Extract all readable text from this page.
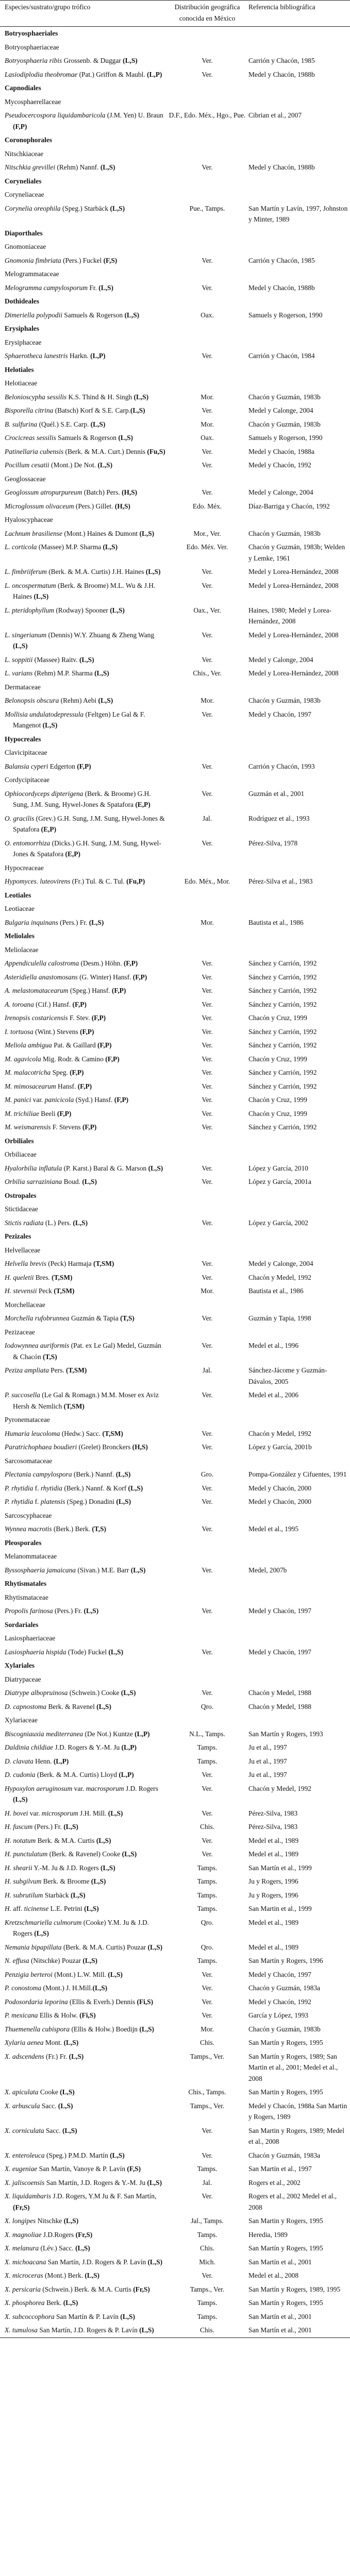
Especies/sustrato/grupo trófico	Distribución geográfica conocida en México	Referencia bibliográfica
Botryosphaeriales		
Botryosphaeriaceae		

Botryosphaeria ribis Grossenb. & Duggar (L,S)	Ver.	Carrión y Chacón, 1985

Lasiodiplodia theobromae (Pat.) Griffon & Maubl. (L,P)	Ver.	Medel y Chacón, 1988b
Capnodiales		
Mycosphaerellaceae		

Pseudocercospora liquidambaricola (J.M. Yen) U. Braun (F,P)	D.F., Edo. Méx., Hgo., Pue.	Cibrian et al., 2007
Coronophorales		
Nitschkiaceae		

Nitschkia grevillei (Rehm) Nannf. (L,S)	Ver.	Medel y Chacón, 1988b
Coryneliales		
Coryneliaceae		

Corynelia oreophila (Speg.) Starbäck (L,S)	Pue., Tamps.	San Martín y Lavín, 1997, Johnston y Minter, 1989
Diaporthales		
Gnomoniaceae		

Gnomonia fimbriata (Pers.) Fuckel (F,S)	Ver.	Carrión y Chacón, 1985
Melogrammataceae		

Melogramma campylosporum Fr. (L,S)	Ver.	Medel y Chacón, 1988b
Dothideales		

Dimeriella polypodii Samuels & Rogerson (L,S)	Oax.	Samuels y Rogerson, 1990
Erysiphales		
Erysiphaceae		

Sphaerotheca lanestris Harkn. (L,P)	Ver.	Carrión y Chacón, 1984
Helotiales		
Helotiaceae		

Belonioscypha sessilis K.S. Thind & H. Singh (L,S)	Mor.	Chacón y Guzmán, 1983b

Bisporella citrina (Batsch) Korf & S.E. Carp.(L,S)	Ver.	Medel y Calonge, 2004

B. sulfurina (Quél.) S.E. Carp. (L,S)	Mor.	Chacón y Guzmán, 1983b

Crocicreas sessilis Samuels & Rogerson (L,S)	Oax.	Samuels y Rogerson, 1990

Patinellaria cubensis (Berk. & M.A. Curt.) Dennis (Fu,S)	Ver.	Medel y Chacón, 1988a

Pocillum cesatii (Mont.) De Not. (L,S)	Ver.	Medel y Chacón, 1992
Geoglossaceae		

Geoglossum atropurpureum (Batch) Pers. (H,S)	Ver.	Medel y Calonge, 2004

Microglossum olivaceum (Pers.) Gillet. (H,S)	Edo. Méx.	Díaz-Barriga y Chacón, 1992
Hyaloscyphaceae		

Lachnum brasiliense (Mont.) Haines & Dumont (L,S)	Mor., Ver.	Chacón y Guzmán, 1983b

L. corticola (Massee) M.P. Sharma (L,S)	Edo. Méx. Ver.	Chacón y Guzmán, 1983b; Welden y Lemke, 1961

L. fimbriiferum (Berk. & M.A. Curtis) J.H. Haines (L,S)	Ver.	Medel y Lorea-Hernández, 2008

L. oncospermatum (Berk. & Broome) M.L. Wu & J.H. Haines (L,S)	Ver.	Medel y Lorea-Hernández, 2008

L. pteridophyllum (Rodway) Spooner (L,S)	Oax., Ver.	Haines, 1980; Medel y Lorea-Hernández, 2008

L. singerianum (Dennis) W.Y. Zhuang & Zheng Wang (L,S)	Ver.	Medel y Lorea-Hernández, 2008

L. soppitii (Massee) Raitv. (L,S)	Ver.	Medel y Calonge, 2004

L. varians (Rehm) M.P. Sharma (L,S)	Chis., Ver.	Medel y Lorea-Hernández, 2008
Dermataceae		

Belonopsis obscura (Rehm) Aebi (L,S)	Mor.	Chacón y Guzmán, 1983b

Mollisia undulatodepressula (Feltgen) Le Gal & F. Mangenot (L,S)	Ver.	Medel y Chacón, 1997
Hypocreales		
Clavicipitaceae		

Balansia cyperi Edgerton (F,P)	Ver.	Carrión y Chacón, 1993
Cordycipitaceae		

Ophiocordyceps dipterigena (Berk. & Broome) G.H. Sung, J.M. Sung, Hywel-Jones & Spatafora (E,P)	Ver.	Guzmán et al., 2001

O. gracilis (Grev.) G.H. Sung, J.M. Sung, Hywel-Jones & Spatafora (E,P)	Jal.	Rodríguez et al., 1993

O. entomorrhiza (Dicks.) G.H. Sung, J.M. Sung, Hywel-Jones & Spatafora (E,P)	Ver.	Pérez-Silva, 1978
Hypocreaceae		

Hypomyces. luteovirens (Fr.) Tul. & C. Tul. (Fu,P)	Edo. Méx., Mor.	Pérez-Silva et al., 1983
Leotiales		
Leotiaceae		

Bulgaria inquinans (Pers.) Fr. (L,S)	Mor.	Bautista et al., 1986
Meliolales		
Meliolaceae		

Appendiculella calostroma (Desm.) Höhn. (F,P)	Ver.	Sánchez y Carrión, 1992

Asteridiella anastomosans (G. Winter) Hansf. (F,P)	Ver.	Sánchez y Carrión, 1992

A. melastomatacearum (Speg.) Hansf. (F,P)	Ver.	Sánchez y Carrión, 1992

A. toroana (Cif.) Hansf. (F,P)	Ver.	Sánchez y Carrión, 1992

Irenopsis costaricensis F. Stev. (F,P)	Ver.	Chacón y Cruz, 1999

I. tortuosa (Wint.) Stevens (F,P)	Ver.	Sánchez y Carrión, 1992

Meliola ambigua Pat. & Gaillard (F,P)	Ver.	Sánchez y Carrión, 1992

M. agavicola Mig. Rodr. & Camino (F,P)	Ver.	Chacón y Cruz, 1999

M. malacotricha Speg. (F,P)	Ver.	Sánchez y Carrión, 1992

M. mimosacearum Hansf. (F,P)	Ver.	Sánchez y Carrión, 1992

M. panici var. panicicola (Syd.) Hansf. (F,P)	Ver.	Chacón y Cruz, 1999

M. trichiliae Beeli (F,P)	Ver.	Chacón y Cruz, 1999

M. weismarensis F. Stevens (F,P)	Ver.	Sánchez y Carrión, 1992
Orbiliales		
Orbiliaceae		

Hyalorbilia inflatula (P. Karst.) Baral & G. Marson (L,S)	Ver.	López y García, 2010

Orbilia sarraziniana Boud. (L,S)	Ver.	López y García, 2001a
Ostropales		
Stictidaceae		

Stictis radiata (L.) Pers. (L,S)	Ver.	López y García, 2002
Pezizales		
Helvellaceae		

Helvella brevis (Peck) Harmaja (T,SM)	Ver.	Medel y Calonge, 2004

H. queletii Bres. (T,SM)	Ver.	Chacón y Medel, 1992

H. stevensii Peck (T,SM)	Mor.	Bautista et al., 1986
Morchellaceae		

Morchella rufobrunnea Guzmán & Tapia (T,S)	Ver.	Guzmán y Tapia, 1998
Pezizaceae		

Iodowynnea auriformis (Pat. ex Le Gal) Medel, Guzmán & Chacón (T,S)	Ver.	Medel et al., 1996

Peziza ampliata Pers. (T,SM)	Jal.	Sánchez-Jácome y Guzmán-Dávalos, 2005

P. succosella (Le Gal & Romagn.) M.M. Moser ex Aviz Hersh & Nemlich (T,SM)	Ver.	Medel et al., 2006
Pyronemataceae		

Humaria leucoloma (Hedw.) Sacc. (T,SM)	Ver.	Chacón y Medel, 1992

Paratrichophaea boudieri (Grelet) Bronckers (H,S)	Ver.	López y García, 2001b
Sarcosomataceae		

Plectania campylospora (Berk.) Nannf. (L,S)	Gro.	Pompa-González y Cifuentes, 1991

P. rhytidia f. rhytidia (Berk.) Nannf. & Korf (L,S)	Ver.	Medel y Chacón, 2000

P. rhytidia f. platensis (Speg.) Donadini (L,S)	Ver.	Medel y Chacón, 2000
Sarcoscyphaceae		

Wynnea macrotis (Berk.) Berk. (T,S)	Ver.	Medel et al., 1995
Pleosporales		
Melanommataceae		

Byssosphaeria jamaicana (Sivan.) M.E. Barr (L,S)	Ver.	Medel, 2007b
Rhytismatales		
Rhytismataceae		

Propolis farinosa (Pers.) Fr. (L,S)	Ver.	Medel y Chacón, 1997
Sordariales		
Lasiosphaeriaceae		

Lasiosphaeria hispida (Tode) Fuckel (L,S)	Ver.	Medel y Chacón, 1997
Xylariales		
Diatrypaceae		

Diatrype albopruinosa (Schwein.) Cooke (L,S)	Ver.	Chacón y Medel, 1988

D. capnostoma Berk. & Ravenel (L,S)	Qro.	Chacón y Medel, 1988
Xylariaceae		

Biscogniauxia mediterranea (De Not.) Kuntze (L,P)	N.L., Tamps.	San Martín y Rogers, 1993

Daldinia childiae J.D. Rogers & Y.-M. Ju (L,P)	Tamps.	Ju et al., 1997

D. clavata Henn. (L,P)	Tamps.	Ju et al., 1997

D. cudonia (Berk. & M.A. Curtis) Lloyd (L,P)	Ver.	Ju et al., 1997

Hypoxylon aeruginosum var. macrosporum J.D. Rogers (L,S)	Ver.	Chacón y Medel, 1992

H. bovei var. microsporum J.H. Mill. (L,S)	Ver.	Pérez-Silva, 1983

H. fuscum (Pers.) Fr. (L,S)	Chis.	Pérez-Silva, 1983

H. notatum Berk. & M.A. Curtis (L,S)	Ver.	Medel et al., 1989

H. punctulatum (Berk. & Ravenel) Cooke (L,S)	Ver.	Medel et al., 1989

H. shearii Y.-M. Ju & J.D. Rogers (L,S)	Tamps.	San Martín et al., 1999

H. subgilvum Berk. & Broome (L,S)	Tamps.	Ju y Rogers, 1996

H. subrutilum Starbäck (L,S)	Tamps.	Ju y Rogers, 1996

H. aff. ticinense L.E. Petrini (L,S)	Tamps.	San Martin et al., 1999

Kretzschmariella culmorum (Cooke) Y.M. Ju & J.D. Rogers (L,S)	Qro.	Medel et al., 1989

Nemania bipapillata (Berk. & M.A. Curtis) Pouzar (L,S)	Qro.	Medel et al., 1989

N. effusa (Nitschke) Pouzar (L,S)	Tamps.	San Martín y Rogers, 1996

Penzigia berteroi (Mont.) L.W. Mill. (L,S)	Ver.	Medel y Chacón, 1997

P. conostoma (Mont.) J. H.Mill.(L,S)	Ver.	Chacón y Guzmán, 1983a

Podosordaria leporina (Ellis & Everh.) Dennis (Fi,S)	Ver.	Medel y Chacón, 1992

P. mexicana Ellis & Holw. (Fi,S)	Ver.	García y López, 1993

Thuemenella cubispora (Ellis & Holw.) Boedijn (L,S)	Mor.	Chacón y Guzmán, 1983b

Xylaria aenea Mont. (L,S)	Chis.	San Martín y Rogers, 1995

X. adscendens (Fr.) Fr. (L,S)	Tamps., Ver.	San Martín y Rogers, 1989; San Martin et al., 2001; Medel et al., 2008

X. apiculata Cooke (L,S)	Chis., Tamps.	San Martin y Rogers, 1995

X. arbuscula Sacc. (L,S)	Tamps., Ver.	Medel y Chacón, 1988a San Martin y Rogers, 1989

X. corniculata Sacc. (L,S)	Ver.	San Martin y Rogers, 1989; Medel et al., 2008

X. enteroleuca (Speg.) P.M.D. Martín (L,S)	Ver.	Chacón y Guzmán, 1983a

X. eugeniae San Martín, Vanoye & P. Lavín (F,S)	Tamps.	San Martín et al., 1997

X. jaliscoensis San Martín, J.D. Rogers & Y.-M. Ju (L,S)	Jal.	Rogers et al., 2002

X. liquidambaris J.D. Rogers, Y.M Ju & F. San Martín, (Fr,S)	Ver.	Rogers et al., 2002 Medel et al., 2008

X. longipes Nitschke (L,S)	Jal., Tamps.	San Martin y Rogers, 1995

X. magnoliae J.D.Rogers (Fr,S)	Tamps.	Heredia, 1989

X. melanura (Lév.) Sacc. (L,S)	Chis.	San Martín y Rogers, 1995

X. michoacana San Martín, J.D. Rogers & P. Lavín (L,S)	Mich.	San Martín et al., 2001

X. microceras (Mont.) Berk. (L,S)	Ver.	Medel et al., 2008

X. persicaria (Schwein.) Berk. & M.A. Curtis (Fr,S)	Tamps., Ver.	San Martín y Rogers, 1989, 1995

X. phosphorea Berk. (L,S)	Tamps.	San Martín y Rogers, 1995

X. subcoccophora San Martín & P. Lavín (L,S)	Tamps.	San Martín et al., 2001

X. tumulosa San Martín, J.D. Rogers & P. Lavín (L,S)	Chis.	San Martín et al., 2001
